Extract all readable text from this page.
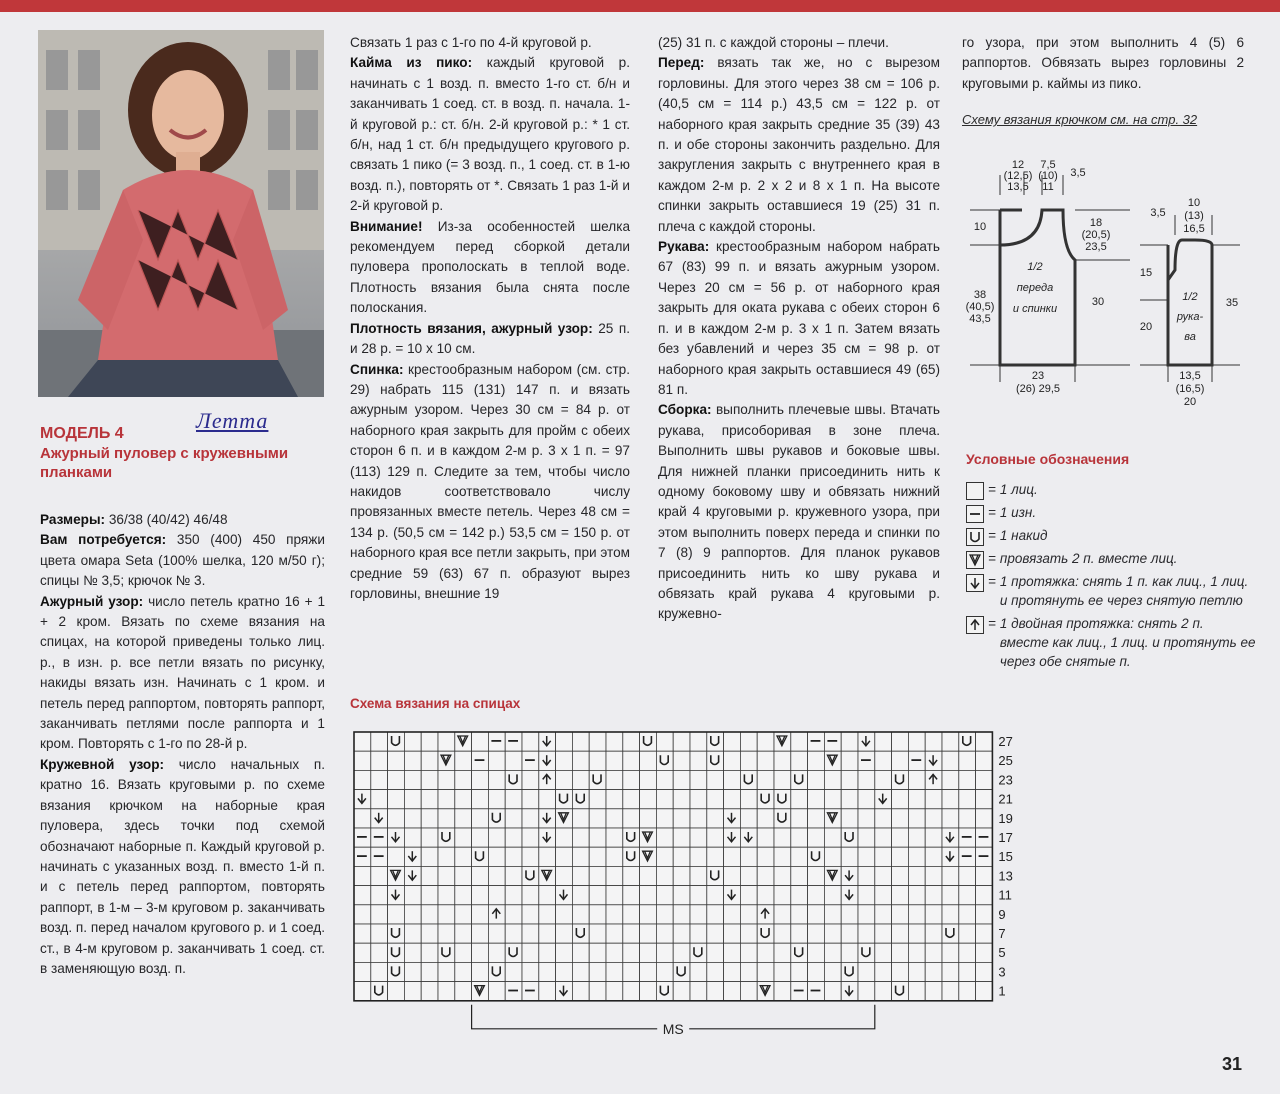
Летта
МОДЕЛЬ 4
Ажурный пуловер с кружевными планками

Размеры: 36/38 (40/42) 46/48

Вам потребуется: 350 (400) 450 пряжи цвета омара Seta (100% шелка, 120 м/50 г); спицы № 3,5; крючок № 3.

Ажурный узор: число петель кратно 16 + 1 + 2 кром. Вязать по схеме вязания на спицах, на которой приведены только лиц. р., в изн. р. все петли вязать по рисунку, накиды вязать изн. Начинать с 1 кром. и петель перед раппортом, повторять раппорт, заканчивать петлями после раппорта и 1 кром. Повторять с 1-го по 28-й р.

Кружевной узор: число начальных п. кратно 16. Вязать круговыми р. по схеме вязания крючком на наборные края пуловера, здесь точки под схемой обозначают наборные п. Каждый круговой р. начинать с указанных возд. п. вместо 1-й п. и с петель перед раппортом, повторять раппорт, в 1-м – 3-м круговом р. заканчивать возд. п. перед началом кругового р. и 1 соед. ст., в 4-м круговом р. заканчивать 1 соед. ст. в заменяющую возд. п.

Связать 1 раз с 1-го по 4-й круговой р.

Кайма из пико: каждый круговой р. начинать с 1 возд. п. вместо 1-го ст. б/н и заканчивать 1 соед. ст. в возд. п. начала. 1-й круговой р.: ст. б/н. 2-й круговой р.: * 1 ст. б/н, над 1 ст. б/н предыдущего кругового р. связать 1 пико (= 3 возд. п., 1 соед. ст. в 1-ю возд. п.), повторять от *. Связать 1 раз 1-й и 2-й круговой р.

Внимание! Из-за особенностей шелка рекомендуем перед сборкой детали пуловера прополоскать в теплой воде. Плотность вязания была снята после полоскания.

Плотность вязания, ажурный узор: 25 п. и 28 р. = 10 х 10 см.

Спинка: крестообразным набором (см. стр. 29) набрать 115 (131) 147 п. и вязать ажурным узором. Через 30 см = 84 р. от наборного края закрыть для пройм с обеих сторон 6 п. и в каждом 2-м р. 3 х 1 п. = 97 (113) 129 п. Следите за тем, чтобы число накидов соответствовало числу провязанных вместе петель. Через 48 см = 134 р. (50,5 см = 142 р.) 53,5 см = 150 р. от наборного края все петли закрыть, при этом средние 59 (63) 67 п. образуют вырез горловины, внешние 19

(25) 31 п. с каждой стороны – плечи.

Перед: вязать так же, но с вырезом горловины. Для этого через 38 см = 106 р. (40,5 см = 114 р.) 43,5 см = 122 р. от наборного края закрыть средние 35 (39) 43 п. и обе стороны закончить раздельно. Для закругления закрыть с внутреннего края в каждом 2-м р. 2 х 2 и 8 х 1 п. На высоте спинки закрыть оставшиеся 19 (25) 31 п. плеча с каждой стороны.

Рукава: крестообразным набором набрать 67 (83) 99 п. и вязать ажурным узором. Через 20 см = 56 р. от наборного края закрыть для оката рукава с обеих сторон 6 п. и в каждом 2-м р. 3 х 1 п. Затем вязать без убавлений и через 35 см = 98 р. от наборного края закрыть оставшиеся 49 (65) 81 п.

Сборка: выполнить плечевые швы. Втачать рукава, присоборивая в зоне плеча. Выполнить швы рукавов и боковые швы. Для нижней планки присоединить нить к одному боковому шву и обвязать нижний край 4 круговыми р. кружевного узора, при этом выполнить поверх переда и спинки по 7 (8) 9 раппортов. Для планок рукавов присоединить нить ко шву рукава и обвязать край рукава 4 круговыми р. кружевно-

го узора, при этом выполнить 4 (5) 6 раппортов. Обвязать вырез горловины 2 круговыми р. каймы из пико.

Схему вязания крючком см. на стр. 32
12
(12,5)
13,5
7,5
(10)
11
3,5
10	18
(20,5)
23,5
38
(40,5)
43,5
1/2
переда
и спинки
30
23
(26) 29,5
3,5
10
(13)
16,5
15
20
1/2
рука-
ва
35
13,5
(16,5)
20
Условные обозначения
= 1 лиц.
= 1 изн.
= 1 накид
= провязать 2 п. вместе лиц.
= 1 протяжка: снять 1 п. как лиц., 1 лиц. и протянуть ее через снятую петлю
= 1 двойная протяжка: снять 2 п. вместе как лиц., 1 лиц. и протянуть ее через обе снятые п.
Схема вязания на спицах
27
25
23
21
19
17
15
13
11
9
7
5
3
1
MS
31
